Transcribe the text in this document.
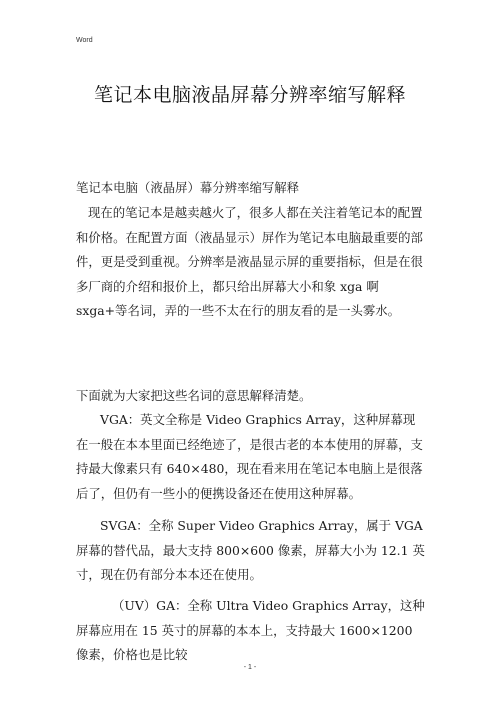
Word
笔记本电脑液晶屏幕分辨率缩写解释

笔记本电脑（液晶屏）幕分辨率缩写解释

现在的笔记本是越卖越火了，很多人都在关注着笔记本的配置和价格。在配置方面（液晶显示）屏作为笔记本电脑最重要的部件，更是受到重视。分辨率是液晶显示屏的重要指标，但是在很多厂商的介绍和报价上，都只给出屏幕大小和象 xga 啊 sxga+等名词，弄的一些不太在行的朋友看的是一头雾水。

下面就为大家把这些名词的意思解释清楚。

VGA：英文全称是 Video Graphics Array，这种屏幕现在一般在本本里面已经绝迹了，是很古老的本本使用的屏幕，支持最大像素只有 640×480，现在看来用在笔记本电脑上是很落后了，但仍有一些小的便携设备还在使用这种屏幕。

SVGA：全称 Super Video Graphics Array，属于 VGA 屏幕的替代品，最大支持 800×600 像素，屏幕大小为 12.1 英寸，现在仍有部分本本还在使用。

（UV）GA：全称 Ultra Video Graphics Array，这种屏幕应用在 15 英寸的屏幕的本本上，支持最大 1600×1200 像素，价格也是比较

- 1 -
